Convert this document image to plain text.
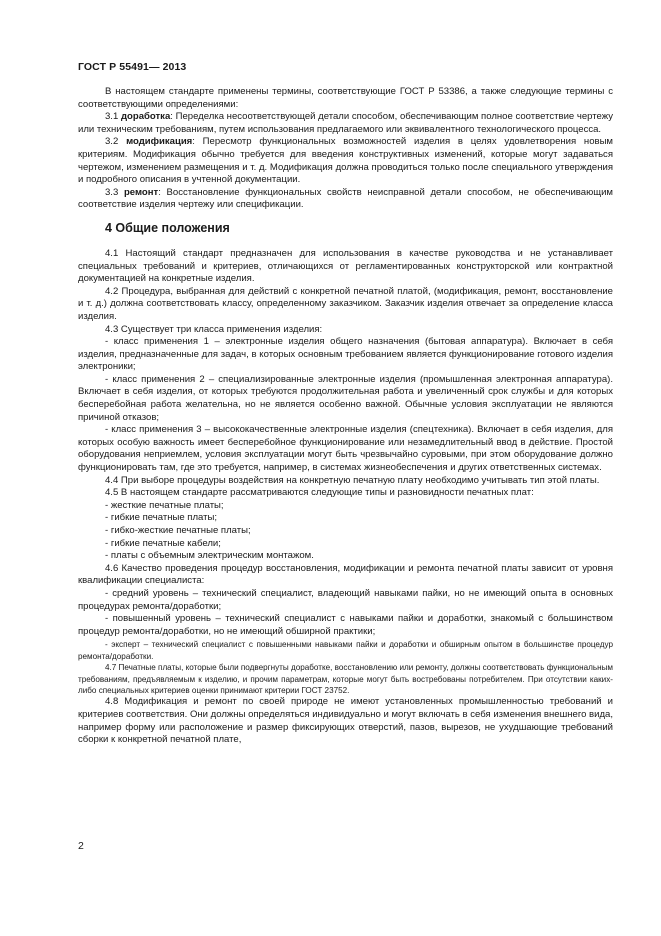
ГОСТ Р 55491— 2013

В настоящем стандарте применены термины, соответствующие ГОСТ Р 53386, а также следующие термины с соответствующими определениями:

3.1 доработка: Переделка несоответствующей детали способом, обеспечивающим полное соответствие чертежу или техническим требованиям, путем использования предлагаемого или эквивалентного технологического процесса.

3.2 модификация: Пересмотр функциональных возможностей изделия в целях удовлетворения новым критериям. Модификация обычно требуется для введения конструктивных изменений, которые могут задаваться чертежом, изменением размещения и т. д. Модификация должна проводиться только после специального утверждения и подробного описания в учтенной документации.

3.3 ремонт: Восстановление функциональных свойств неисправной детали способом, не обеспечивающим соответствие изделия чертежу или спецификации.

4 Общие положения

4.1 Настоящий стандарт предназначен для использования в качестве руководства и не устанавливает специальных требований и критериев, отличающихся от регламентированных конструкторской или контрактной документацией на конкретные изделия.

4.2 Процедура, выбранная для действий с конкретной печатной платой, (модификация, ремонт, восстановление и т. д.) должна соответствовать классу, определенному заказчиком. Заказчик изделия отвечает за определение класса изделия.

4.3 Существует три класса применения изделия:

- класс применения 1 – электронные изделия общего назначения (бытовая аппаратура). Включает в себя изделия, предназначенные для задач, в которых основным требованием является функционирование готового изделия электроники;

- класс применения 2 – специализированные электронные изделия (промышленная электронная аппаратура). Включает в себя изделия, от которых требуются продолжительная работа и увеличенный срок службы и для которых бесперебойная работа желательна, но не является особенно важной. Обычные условия эксплуатации не являются причиной отказов;

- класс применения 3 – высококачественные электронные изделия (спецтехника). Включает в себя изделия, для которых особую важность имеет бесперебойное функционирование или незамедлительный ввод в действие. Простой оборудования неприемлем, условия эксплуатации могут быть чрезвычайно суровыми, при этом оборудование должно функционировать там, где это требуется, например, в системах жизнеобеспечения и других ответственных системах.

4.4 При выборе процедуры воздействия на конкретную печатную плату необходимо учитывать тип этой платы.

4.5 В настоящем стандарте рассматриваются следующие типы и разновидности печатных плат:

- жесткие печатные платы;

- гибкие печатные платы;

- гибко-жесткие печатные платы;

- гибкие печатные кабели;

- платы с объемным электрическим монтажом.

4.6 Качество проведения процедур восстановления, модификации и ремонта печатной платы зависит от уровня квалификации специалиста:

- средний уровень – технический специалист, владеющий навыками пайки, но не имеющий опыта в основных процедурах ремонта/доработки;

- повышенный уровень – технический специалист с навыками пайки и доработки, знакомый с большинством процедур ремонта/доработки, но не имеющий обширной практики;

- эксперт – технический специалист с повышенными навыками пайки и доработки и обширным опытом в большинстве процедур ремонта/доработки.

4.7 Печатные платы, которые были подвергнуты доработке, восстановлению или ремонту, должны соответствовать функциональным требованиям, предъявляемым к изделию, и прочим параметрам, которые могут быть востребованы потребителем. При отсутствии каких-либо специальных критериев оценки принимают критерии ГОСТ 23752.

4.8 Модификация и ремонт по своей природе не имеют установленных промышленностью требований и критериев соответствия. Они должны определяться индивидуально и могут включать в себя изменения внешнего вида, например форму или расположение и размер фиксирующих отверстий, пазов, вырезов, не ухудшающие требований сборки к конкретной печатной плате,

2
